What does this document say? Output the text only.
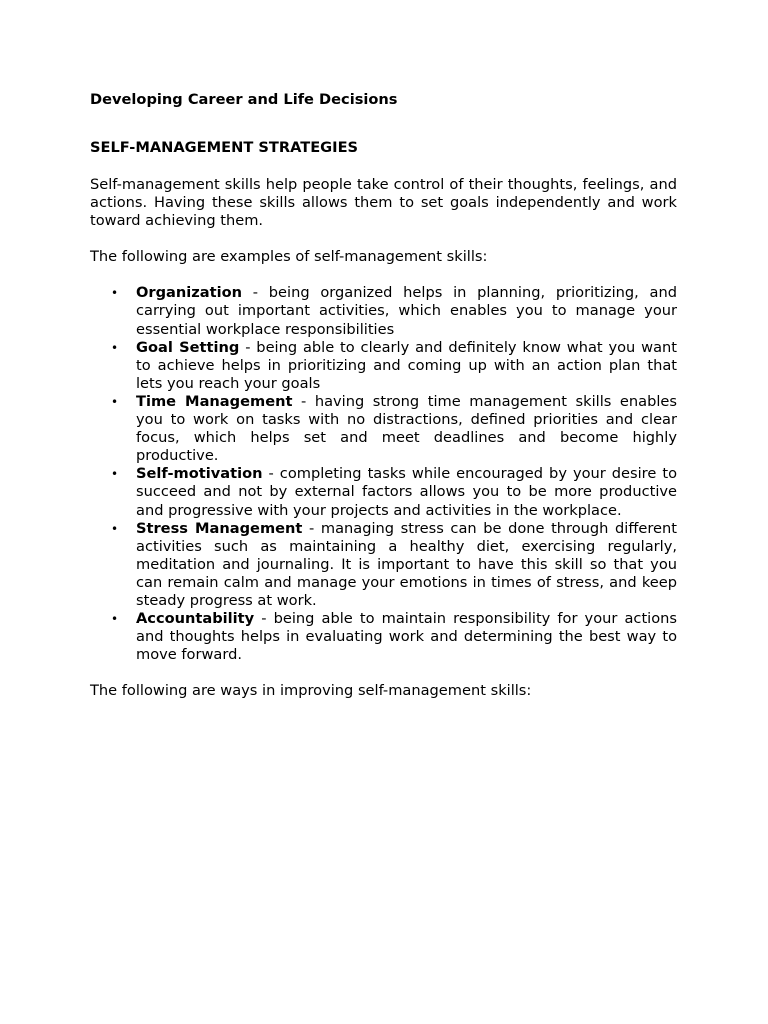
Developing Career and Life Decisions

SELF-MANAGEMENT STRATEGIES

Self-management skills help people take control of their thoughts, feelings, and actions. Having these skills allows them to set goals independently and work toward achieving them.

The following are examples of self-management skills:

• Organization - being organized helps in planning, prioritizing, and carrying out important activities, which enables you to manage your essential workplace responsibilities
• Goal Setting - being able to clearly and definitely know what you want to achieve helps in prioritizing and coming up with an action plan that lets you reach your goals
• Time Management - having strong time management skills enables you to work on tasks with no distractions, defined priorities and clear focus, which helps set and meet deadlines and become highly productive.
• Self-motivation - completing tasks while encouraged by your desire to succeed and not by external factors allows you to be more productive and progressive with your projects and activities in the workplace.
• Stress Management - managing stress can be done through different activities such as maintaining a healthy diet, exercising regularly, meditation and journaling. It is important to have this skill so that you can remain calm and manage your emotions in times of stress, and keep steady progress at work.
• Accountability - being able to maintain responsibility for your actions and thoughts helps in evaluating work and determining the best way to move forward.

The following are ways in improving self-management skills:
